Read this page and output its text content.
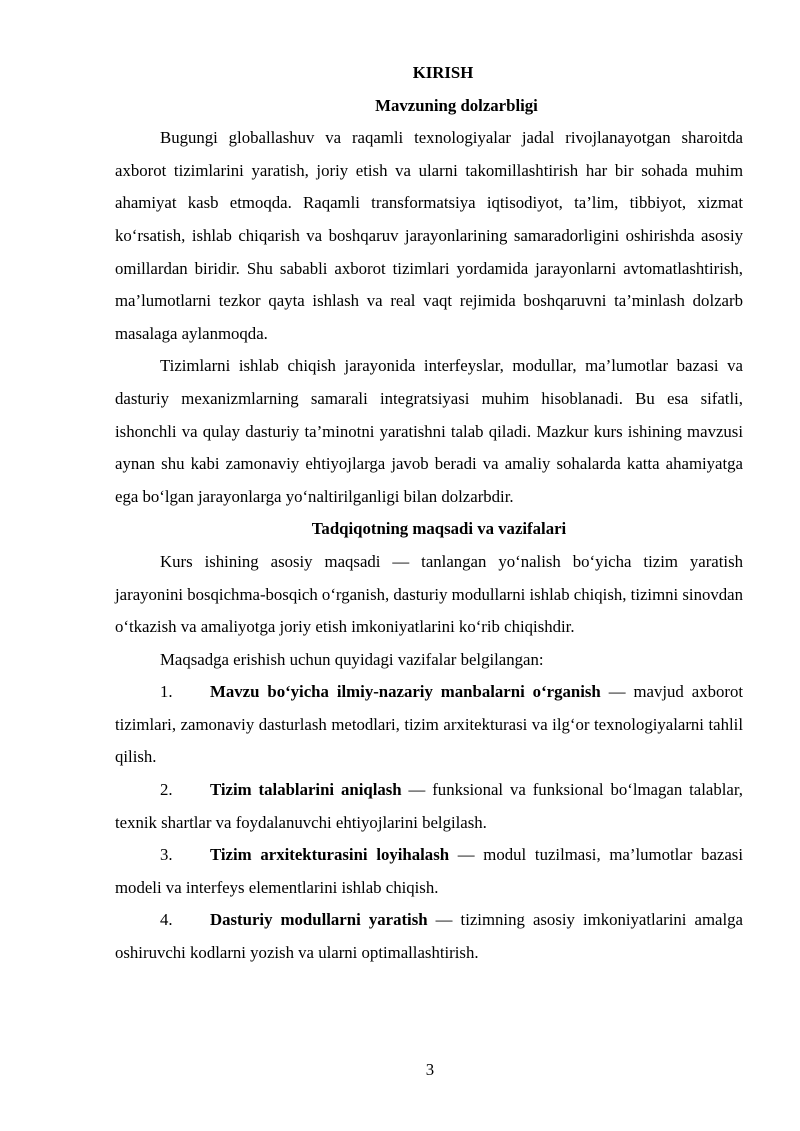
KIRISH

Mavzuning dolzarbligi

Bugungi globallashuv va raqamli texnologiyalar jadal rivojlanayotgan sharoitda axborot tizimlarini yaratish, joriy etish va ularni takomillashtirish har bir sohada muhim ahamiyat kasb etmoqda. Raqamli transformatsiya iqtisodiyot, ta’lim, tibbiyot, xizmat ko‘rsatish, ishlab chiqarish va boshqaruv jarayonlarining samaradorligini oshirishda asosiy omillardan biridir. Shu sababli axborot tizimlari yordamida jarayonlarni avtomatlashtirish, ma’lumotlarni tezkor qayta ishlash va real vaqt rejimida boshqaruvni ta’minlash dolzarb masalaga aylanmoqda.

Tizimlarni ishlab chiqish jarayonida interfeyslar, modullar, ma’lumotlar bazasi va dasturiy mexanizmlarning samarali integratsiyasi muhim hisoblanadi. Bu esa sifatli, ishonchli va qulay dasturiy ta’minotni yaratishni talab qiladi. Mazkur kurs ishining mavzusi aynan shu kabi zamonaviy ehtiyojlarga javob beradi va amaliy sohalarda katta ahamiyatga ega bo‘lgan jarayonlarga yo‘naltirilganligi bilan dolzarbdir.

Tadqiqotning maqsadi va vazifalari

Kurs ishining asosiy maqsadi — tanlangan yo‘nalish bo‘yicha tizim yaratish jarayonini bosqichma-bosqich o‘rganish, dasturiy modullarni ishlab chiqish, tizimni sinovdan o‘tkazish va amaliyotga joriy etish imkoniyatlarini ko‘rib chiqishdir.

Maqsadga erishish uchun quyidagi vazifalar belgilangan:

1. Mavzu bo‘yicha ilmiy-nazariy manbalarni o‘rganish — mavjud axborot tizimlari, zamonaviy dasturlash metodlari, tizim arxitekturasi va ilg‘or texnologiyalarni tahlil qilish.

2. Tizim talablarini aniqlash — funksional va funksional bo‘lmagan talablar, texnik shartlar va foydalanuvchi ehtiyojlarini belgilash.

3. Tizim arxitekturasini loyihalash — modul tuzilmasi, ma’lumotlar bazasi modeli va interfeys elementlarini ishlab chiqish.

4. Dasturiy modullarni yaratish — tizimning asosiy imkoniyatlarini amalga oshiruvchi kodlarni yozish va ularni optimallashtirish.

3
